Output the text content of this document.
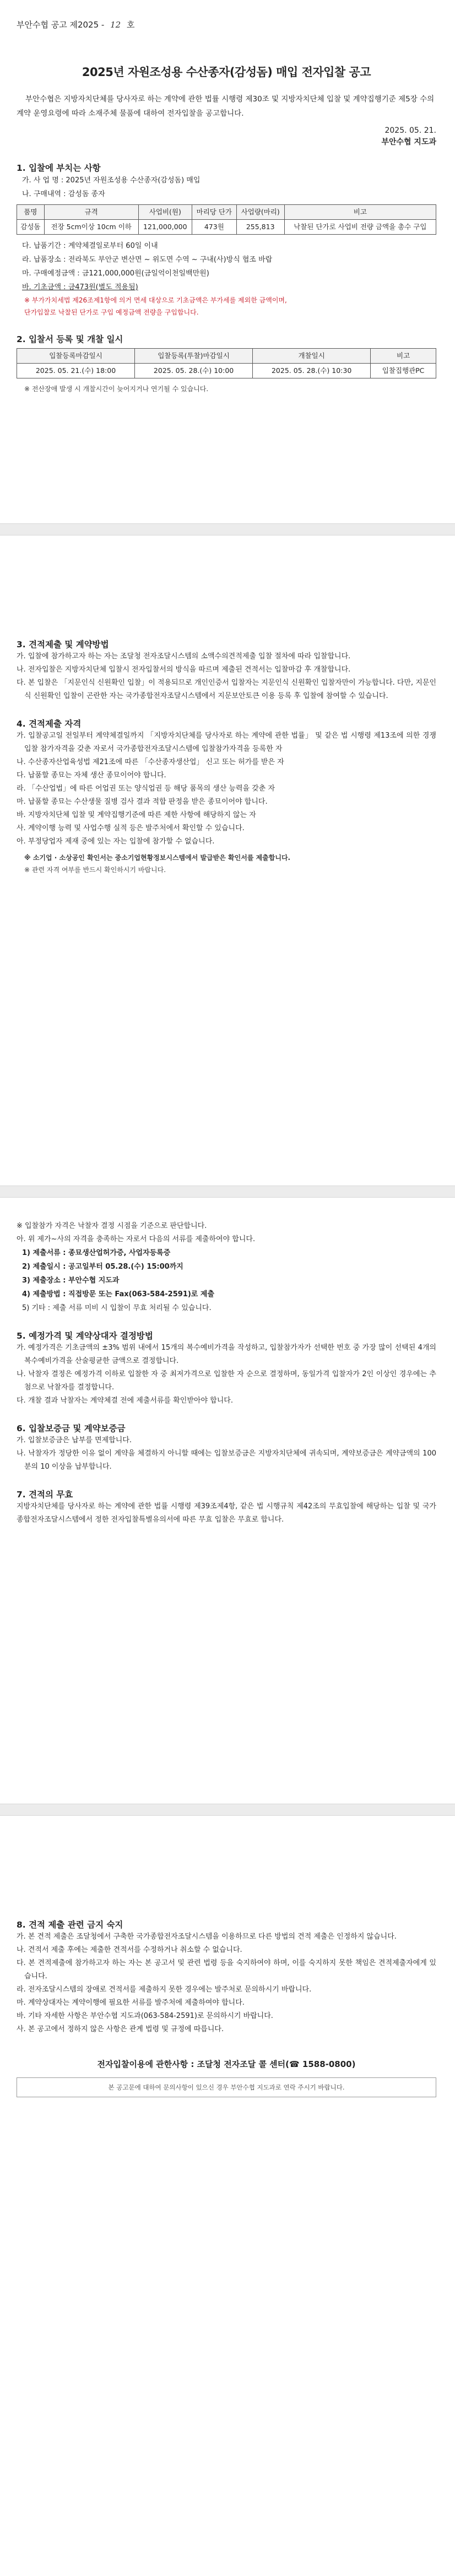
부안수협 공고 제2025 - 12 호
2025년 자원조성용 수산종자(감성돔) 매입 전자입찰 공고
부안수협은 지방자치단체를 당사자로 하는 계약에 관한 법률 시행령 제30조 및 지방자치단체 입찰 및 계약집행기준 제5장 수의계약 운영요령에 따라 소재주체 물품에 대하여 전자입찰을 공고합니다.
2025. 05. 21.
부안수협 지도과
1. 입찰에 부치는 사항
가. 사 업 명 : 2025년 자원조성용 수산종자(감성돔) 매입
나. 구매내역 : 감성돔 종자
품명	규격	사업비(원)	마리당 단가	사업량(마리)	비고
감성돔	전장 5cm이상 10cm 이하	121,000,000	473원	255,813	낙찰된 단가로 사업비 전량 금액을 총수 구입
다. 납품기간 : 계약체결일로부터 60일 이내
라. 납품장소 : 전라북도 부안군 변산면 ~ 위도면 수역 ~ 구내(사)방식 협조 바랍
마. 구매예정금액 : 금121,000,000원(금일억이천일백만원)
바. 기초금액 : 금473원(별도 적용됨)
※ 부가가치세법 제26조제1항에 의거 면세 대상으로 기초금액은 부가세를 제외한 금액이며,
단가입찰로 낙찰된 단가로 구입 예정금액 전량을 구입합니다.
2. 입찰서 등록 및 개찰 일시
입찰등록마감일시	입찰등록(투찰)마감일시	개찰일시	비고
2025. 05. 21.(수) 18:00	2025. 05. 28.(수) 10:00	2025. 05. 28.(수) 10:30	입찰집행관PC
※ 전산장애 발생 시 개찰시간이 늦어지거나 연기될 수 있습니다.
3. 견적제출 및 계약방법
가. 입찰에 참가하고자 하는 자는 조달청 전자조달시스템의 소액수의견적제출 입찰 절차에 따라 입찰합니다.
나. 전자입찰은 지방자치단체 입찰시 전자입찰서의 방식을 따르며 제출된 견적서는 입찰마감 후 개찰합니다.
다. 본 입찰은 「지문인식 신원확인 입찰」이 적용되므로 개인인증서 입찰자는 지문인식 신원확인 입찰자만이 가능합니다. 다만, 지문인식 신원확인 입찰이 곤란한 자는 국가종합전자조달시스템에서 지문보안토큰 이용 등록 후 입찰에 참여할 수 있습니다.
4. 견적제출 자격
가. 입찰공고일 전일부터 계약체결일까지 「지방자치단체를 당사자로 하는 계약에 관한 법률」 및 같은 법 시행령 제13조에 의한 경쟁입찰 참가자격을 갖춘 자로서 국가종합전자조달시스템에 입찰참가자격을 등록한 자
나. 수산종자산업육성법 제21조에 따른 「수산종자생산업」 신고 또는 허가를 받은 자
다. 납품할 종묘는 자체 생산 종묘이어야 합니다.
라. 「수산업법」에 따른 어업권 또는 양식업권 등 해당 품목의 생산 능력을 갖춘 자
마. 납품할 종묘는 수산생물 질병 검사 결과 적합 판정을 받은 종묘이어야 합니다.
바. 지방자치단체 입찰 및 계약집행기준에 따른 제한 사항에 해당하지 않는 자
사. 계약이행 능력 및 사업수행 실적 등은 발주처에서 확인할 수 있습니다.
아. 부정당업자 제재 중에 있는 자는 입찰에 참가할 수 없습니다.
※ 소기업 · 소상공인 확인서는 중소기업현황정보시스템에서 발급받은 확인서를 제출합니다.
※ 관련 자격 여부를 반드시 확인하시기 바랍니다.
※ 입찰참가 자격은 낙찰자 결정 시점을 기준으로 판단합니다.
아. 위 제가~사의 자격을 충족하는 자로서 다음의 서류를 제출하여야 합니다.
1) 제출서류 : 종묘생산업허가증, 사업자등록증
2) 제출일시 : 공고일부터 05.28.(수) 15:00까지
3) 제출장소 : 부안수협 지도과
4) 제출방법 : 직접방문 또는 Fax(063-584-2591)로 제출
5) 기타 : 제출 서류 미비 시 입찰이 무효 처리될 수 있습니다.
5. 예정가격 및 계약상대자 결정방법
가. 예정가격은 기초금액의 ±3% 범위 내에서 15개의 복수예비가격을 작성하고, 입찰참가자가 선택한 번호 중 가장 많이 선택된 4개의 복수예비가격을 산술평균한 금액으로 결정합니다.
나. 낙찰자 결정은 예정가격 이하로 입찰한 자 중 최저가격으로 입찰한 자 순으로 결정하며, 동일가격 입찰자가 2인 이상인 경우에는 추첨으로 낙찰자를 결정합니다.
다. 개찰 결과 낙찰자는 계약체결 전에 제출서류를 확인받아야 합니다.
6. 입찰보증금 및 계약보증금
가. 입찰보증금은 납부를 면제합니다.
나. 낙찰자가 정당한 이유 없이 계약을 체결하지 아니할 때에는 입찰보증금은 지방자치단체에 귀속되며, 계약보증금은 계약금액의 100분의 10 이상을 납부합니다.
7. 견적의 무효
지방자치단체를 당사자로 하는 계약에 관한 법률 시행령 제39조제4항, 같은 법 시행규칙 제42조의 무효입찰에 해당하는 입찰 및 국가종합전자조달시스템에서 정한 전자입찰특별유의서에 따른 무효 입찰은 무효로 합니다.
8. 견적 제출 관련 금지 숙지
가. 본 견적 제출은 조달청에서 구축한 국가종합전자조달시스템을 이용하므로 다른 방법의 견적 제출은 인정하지 않습니다.
나. 견적서 제출 후에는 제출한 견적서를 수정하거나 취소할 수 없습니다.
다. 본 견적제출에 참가하고자 하는 자는 본 공고서 및 관련 법령 등을 숙지하여야 하며, 이를 숙지하지 못한 책임은 견적제출자에게 있습니다.
라. 전자조달시스템의 장애로 견적서를 제출하지 못한 경우에는 발주처로 문의하시기 바랍니다.
마. 계약상대자는 계약이행에 필요한 서류를 발주처에 제출하여야 합니다.
바. 기타 자세한 사항은 부안수협 지도과(063-584-2591)로 문의하시기 바랍니다.
사. 본 공고에서 정하지 않은 사항은 관계 법령 및 규정에 따릅니다.
전자입찰이용에 관한사항 : 조달청 전자조달 콜 센터(☎ 1588-0800)
본 공고문에 대하여 문의사항이 있으신 경우 부안수협 지도과로 연락 주시기 바랍니다.
